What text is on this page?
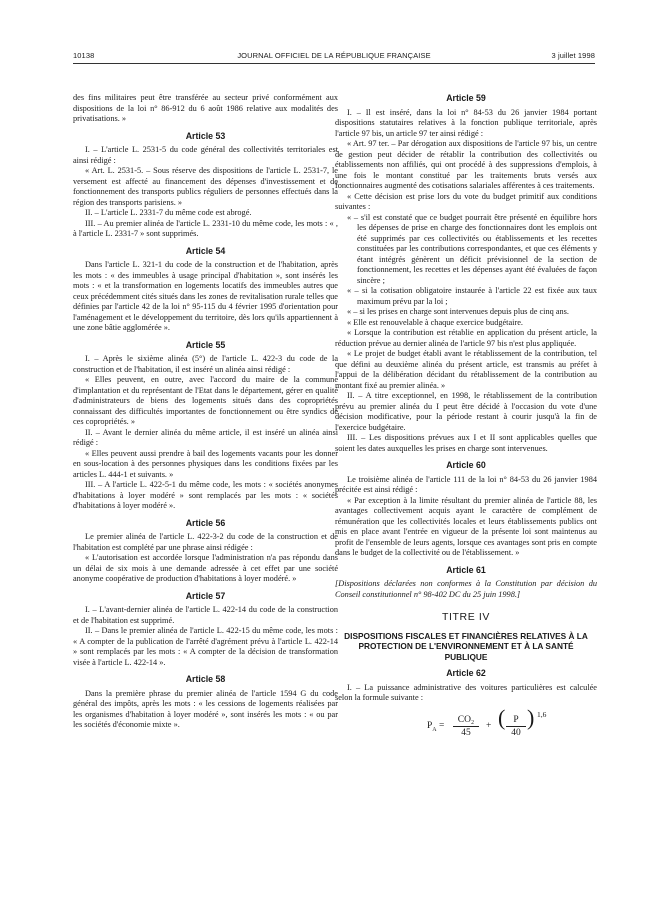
10138	JOURNAL OFFICIEL DE LA RÉPUBLIQUE FRANÇAISE	3 juillet 1998

des fins militaires peut être transférée au secteur privé conformément aux dispositions de la loi n° 86-912 du 6 août 1986 relative aux modalités des privatisations. »

Article 53

I. – L'article L. 2531-5 du code général des collectivités territoriales est ainsi rédigé :

« Art. L. 2531-5. – Sous réserve des dispositions de l'article L. 2531-7, le versement est affecté au financement des dépenses d'investissement et de fonctionnement des transports publics réguliers de personnes effectués dans la région des transports parisiens. »

II. – L'article L. 2331-7 du même code est abrogé.

III. – Au premier alinéa de l'article L. 2331-10 du même code, les mots : « , à l'article L. 2331-7 » sont supprimés.

Article 54

Dans l'article L. 321-1 du code de la construction et de l'habitation, après les mots : « des immeubles à usage principal d'habitation », sont insérés les mots : « et la transformation en logements locatifs des immeubles autres que ceux précédemment cités situés dans les zones de revitalisation rurale telles que définies par l'article 42 de la loi n° 95-115 du 4 février 1995 d'orientation pour l'aménagement et le développement du territoire, dès lors qu'ils appartiennent à une zone bâtie agglomérée ».

Article 55

I. – Après le sixième alinéa (5°) de l'article L. 422-3 du code de la construction et de l'habitation, il est inséré un alinéa ainsi rédigé :

« Elles peuvent, en outre, avec l'accord du maire de la commune d'implantation et du représentant de l'Etat dans le département, gérer en qualité d'administrateurs de biens des logements situés dans des copropriétés connaissant des difficultés importantes de fonctionnement ou être syndics de ces copropriétés. »

II. – Avant le dernier alinéa du même article, il est inséré un alinéa ainsi rédigé :

« Elles peuvent aussi prendre à bail des logements vacants pour les donner en sous-location à des personnes physiques dans les conditions fixées par les articles L. 444-1 et suivants. »

III. – A l'article L. 422-5-1 du même code, les mots : « sociétés anonymes d'habitations à loyer modéré » sont remplacés par les mots : « sociétés d'habitations à loyer modéré ».

Article 56

Le premier alinéa de l'article L. 422-3-2 du code de la construction et de l'habitation est complété par une phrase ainsi rédigée :

« L'autorisation est accordée lorsque l'administration n'a pas répondu dans un délai de six mois à une demande adressée à cet effet par une société anonyme coopérative de production d'habitations à loyer modéré. »

Article 57

I. – L'avant-dernier alinéa de l'article L. 422-14 du code de la construction et de l'habitation est supprimé.

II. – Dans le premier alinéa de l'article L. 422-15 du même code, les mots : « A compter de la publication de l'arrêté d'agrément prévu à l'article L. 422-14 » sont remplacés par les mots : « A compter de la décision de transformation visée à l'article L. 422-14 ».

Article 58

Dans la première phrase du premier alinéa de l'article 1594 G du code général des impôts, après les mots : « les cessions de logements réalisées par les organismes d'habitation à loyer modéré », sont insérés les mots : « ou par les sociétés d'économie mixte ».

Article 59

I. – Il est inséré, dans la loi n° 84-53 du 26 janvier 1984 portant dispositions statutaires relatives à la fonction publique territoriale, après l'article 97 bis, un article 97 ter ainsi rédigé :

« Art. 97 ter. – Par dérogation aux dispositions de l'article 97 bis, un centre de gestion peut décider de rétablir la contribution des collectivités ou établissements non affiliés, qui ont procédé à des suppressions d'emplois, à une fois le montant constitué par les traitements bruts versés aux fonctionnaires augmenté des cotisations salariales afférentes à ces traitements.

« Cette décision est prise lors du vote du budget primitif aux conditions suivantes :

« – s'il est constaté que ce budget pourrait être présenté en équilibre hors les dépenses de prise en charge des fonctionnaires dont les emplois ont été supprimés par ces collectivités ou établissements et les recettes constituées par les contributions correspondantes, et que ces éléments y étant intégrés génèrent un déficit prévisionnel de la section de fonctionnement, les recettes et les dépenses ayant été évaluées de façon sincère ;

« – si la cotisation obligatoire instaurée à l'article 22 est fixée aux taux maximum prévu par la loi ;

« – si les prises en charge sont intervenues depuis plus de cinq ans.

« Elle est renouvelable à chaque exercice budgétaire.

« Lorsque la contribution est rétablie en application du présent article, la réduction prévue au dernier alinéa de l'article 97 bis n'est plus appliquée.

« Le projet de budget établi avant le rétablissement de la contribution, tel que défini au deuxième alinéa du présent article, est transmis au préfet à l'appui de la délibération décidant du rétablissement de la contribution au montant fixé au premier alinéa. »

II. – A titre exceptionnel, en 1998, le rétablissement de la contribution prévu au premier alinéa du I peut être décidé à l'occasion du vote d'une décision modificative, pour la période restant à courir jusqu'à la fin de l'exercice budgétaire.

III. – Les dispositions prévues aux I et II sont applicables quelles que soient les dates auxquelles les prises en charge sont intervenues.

Article 60

Le troisième alinéa de l'article 111 de la loi n° 84-53 du 26 janvier 1984 précitée est ainsi rédigé :

« Par exception à la limite résultant du premier alinéa de l'article 88, les avantages collectivement acquis ayant le caractère de complément de rémunération que les collectivités locales et leurs établissements publics ont mis en place avant l'entrée en vigueur de la présente loi sont maintenus au profit de l'ensemble de leurs agents, lorsque ces avantages sont pris en compte dans le budget de la collectivité ou de l'établissement. »

Article 61

[Dispositions déclarées non conformes à la Constitution par décision du Conseil constitutionnel n° 98-402 DC du 25 juin 1998.]

TITRE IV
DISPOSITIONS FISCALES ET FINANCIÈRES RELATIVES À LA PROTECTION DE L'ENVIRONNEMENT ET À LA SANTÉ PUBLIQUE
Article 62

I. – La puissance administrative des voitures particulières est calculée selon la formule suivante :

$P_A = \frac{\text{CO₂}}{45}$ + ( $\frac{P}{40}$ ) 1,6
